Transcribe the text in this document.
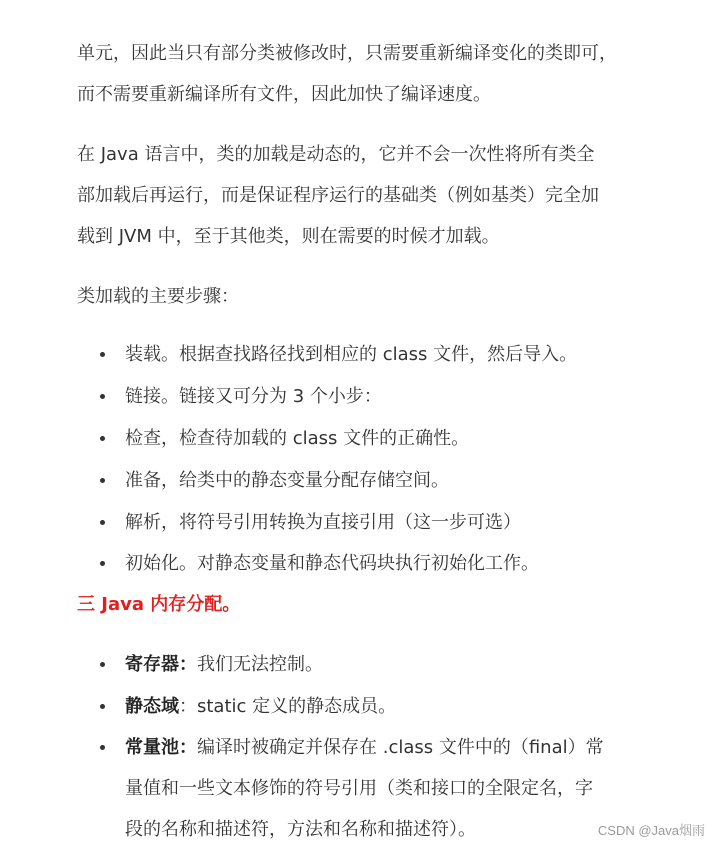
单元，因此当只有部分类被修改时，只需要重新编译变化的类即可，
而不需要重新编译所有文件，因此加快了编译速度。
在 Java 语言中，类的加载是动态的，它并不会一次性将所有类全
部加载后再运行，而是保证程序运行的基础类（例如基类）完全加
载到 JVM 中，至于其他类，则在需要的时候才加载。
类加载的主要步骤：
装载。根据查找路径找到相应的 class 文件，然后导入。
链接。链接又可分为 3 个小步：
检查，检查待加载的 class 文件的正确性。
准备，给类中的静态变量分配存储空间。
解析，将符号引用转换为直接引用（这一步可选）
初始化。对静态变量和静态代码块执行初始化工作。
三 Java 内存分配。
寄存器：我们无法控制。
静态域：static 定义的静态成员。
常量池：编译时被确定并保存在 .class 文件中的（final）常
量值和一些文本修饰的符号引用（类和接口的全限定名，字
段的名称和描述符，方法和名称和描述符）。	CSDN @Java烟雨
